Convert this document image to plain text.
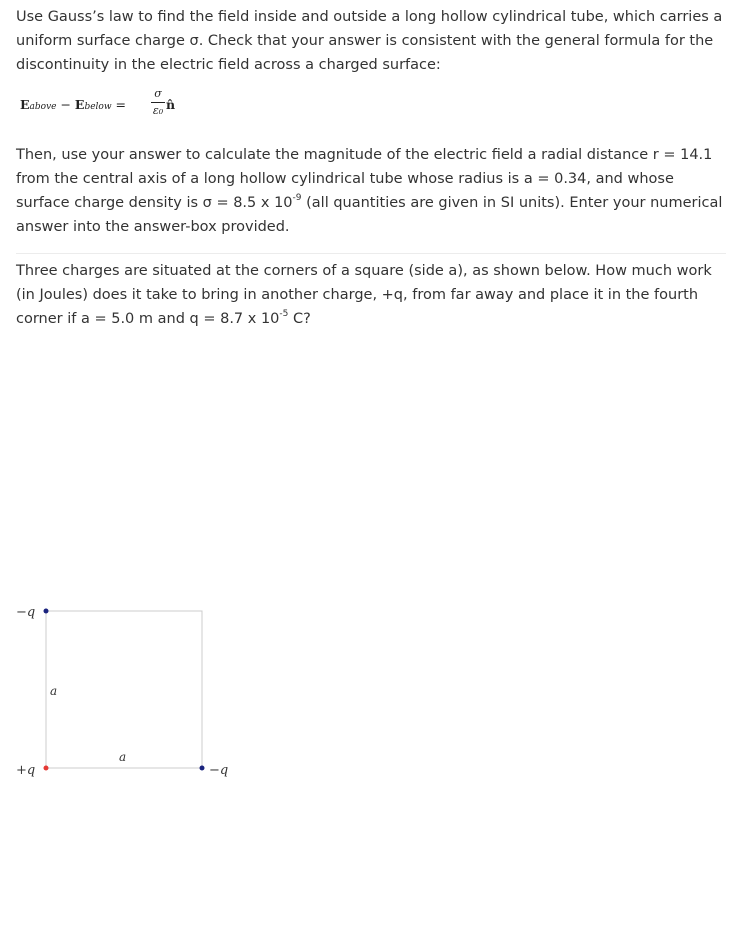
Use Gauss’s law to find the field inside and outside a long hollow cylindrical tube, which carries a uniform surface charge σ. Check that your answer is consistent with the general formula for the discontinuity in the electric field across a charged surface:

Eabove − Ebelow =
σ
ε₀ n̂

Then, use your answer to calculate the magnitude of the electric field a radial distance r = 14.1 from the central axis of a long hollow cylindrical tube whose radius is a = 0.34, and whose surface charge density is σ = 8.5 x $10^{-9}$ (all quantities are given in SI units). Enter your numerical answer into the answer-box provided.

Three charges are situated at the corners of a square (side a), as shown below. How much work (in Joules) does it take to bring in another charge, +q, from far away and place it in the fourth corner if a = 5.0 m and q = 8.7 x $10^{-5}$ C?

−q
+q	−q
a
a
